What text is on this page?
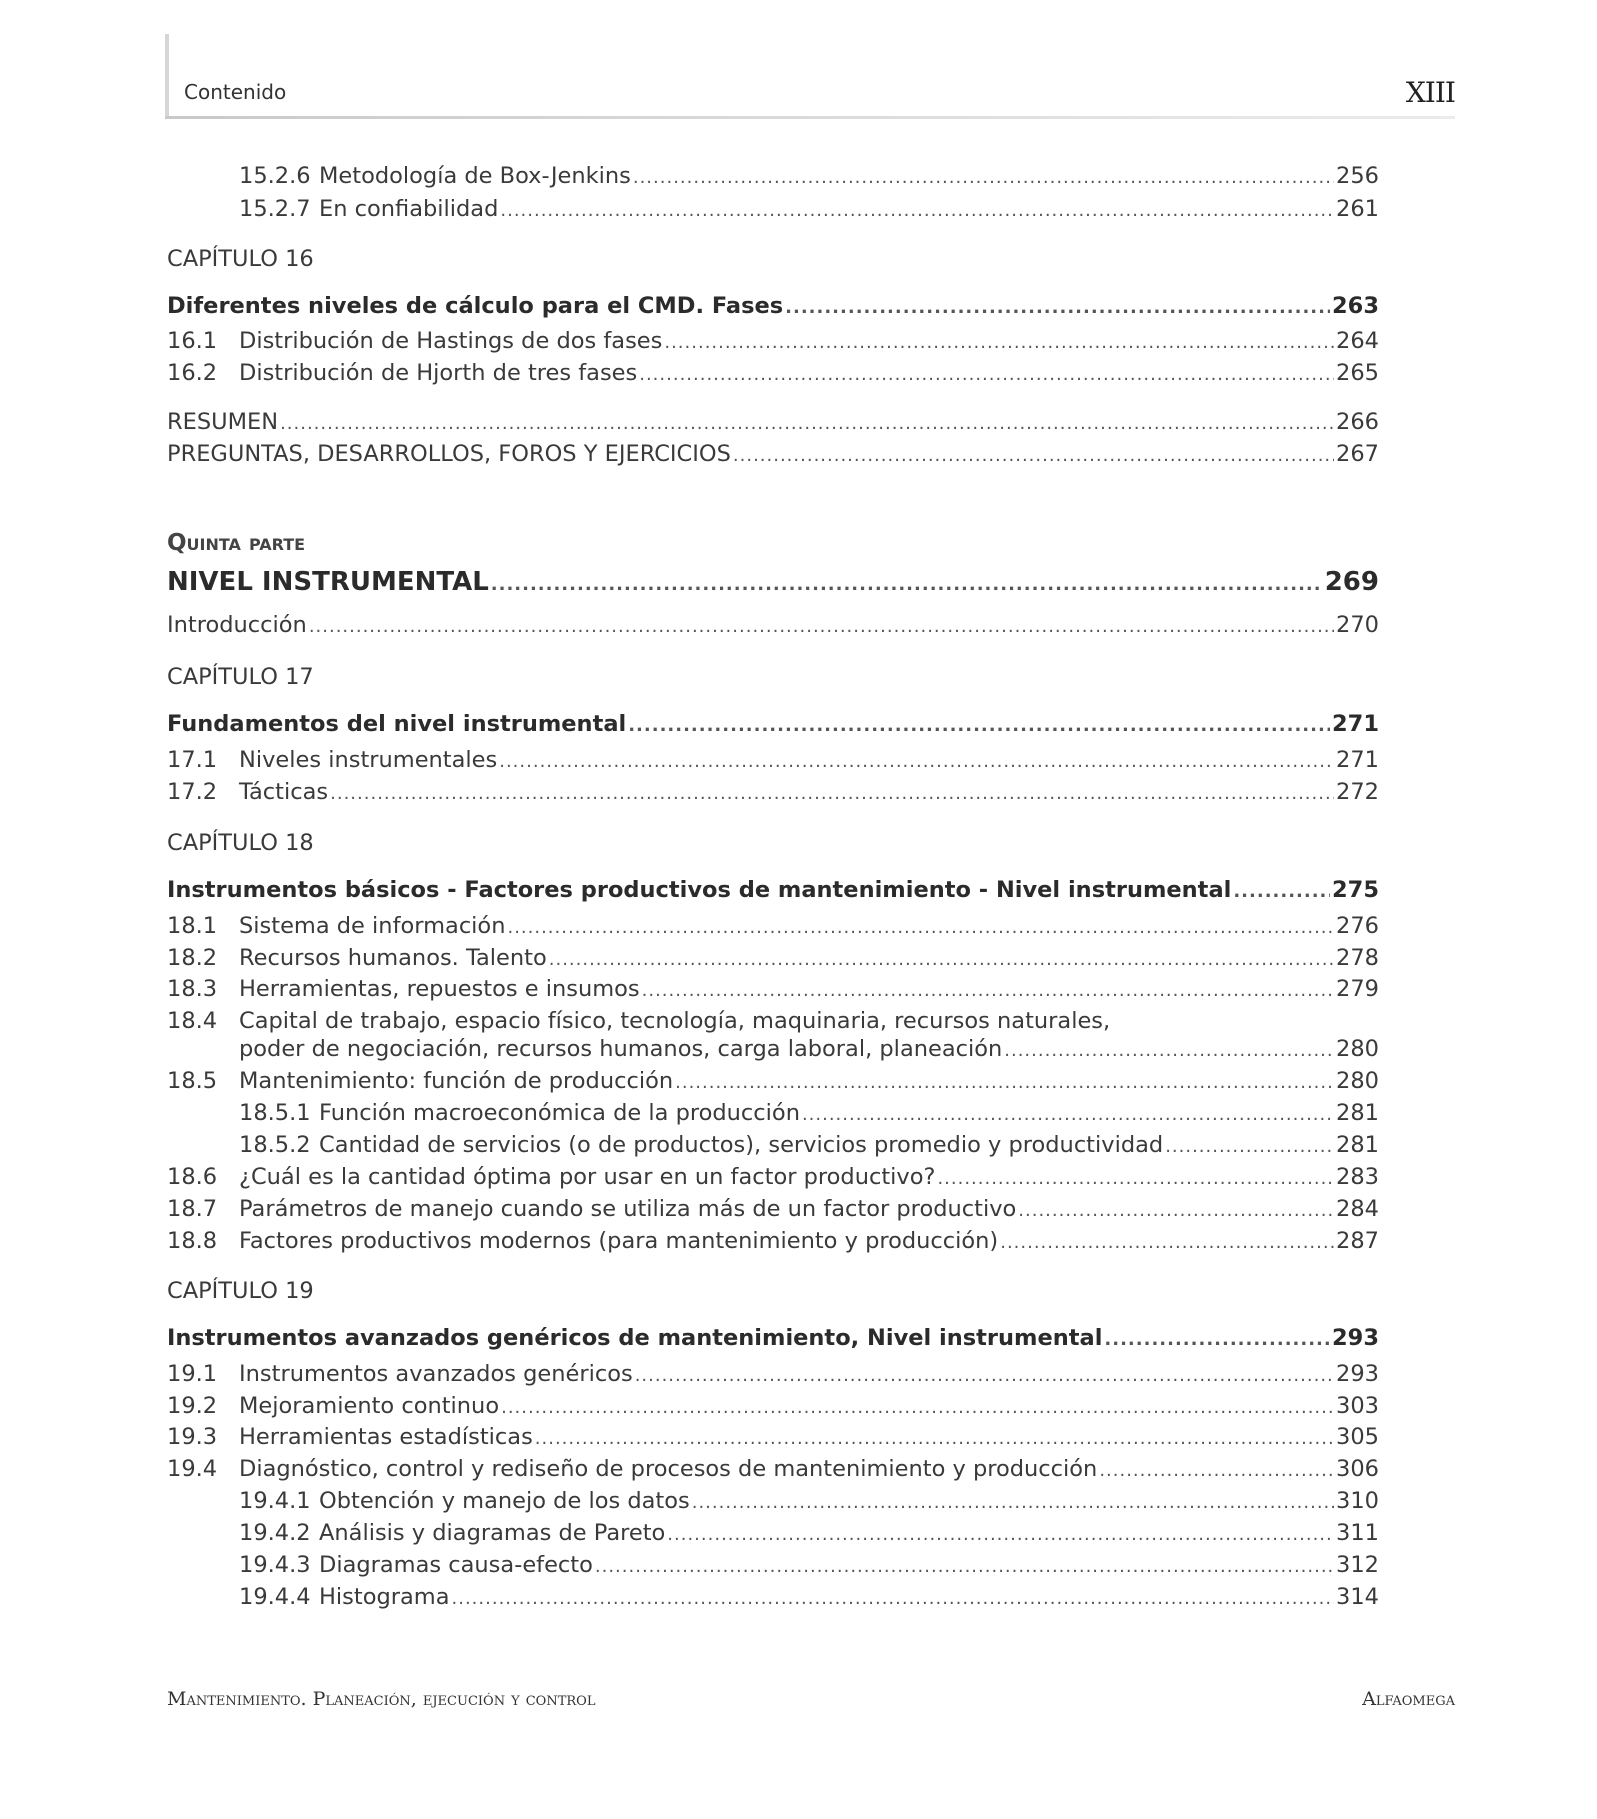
Contenido	XIII
15.2.6 Metodología de Box-Jenkins .....	256
15.2.7 En confiabilidad .....	261
CAPÍTULO 16
Diferentes niveles de cálculo para el CMD. Fases .....	263
16.1 Distribución de Hastings de dos fases .....	264
16.2 Distribución de Hjorth de tres fases .....	265
RESUMEN .....	266
PREGUNTAS, DESARROLLOS, FOROS Y EJERCICIOS .....	267
Quinta parte
NIVEL INSTRUMENTAL .....	269
Introducción .....	270
CAPÍTULO 17
Fundamentos del nivel instrumental .....	271
17.1 Niveles instrumentales .....	271
17.2 Tácticas .....	272
CAPÍTULO 18
Instrumentos básicos - Factores productivos de mantenimiento - Nivel instrumental .....	275
18.1 Sistema de información .....	276
18.2 Recursos humanos. Talento .....	278
18.3 Herramientas, repuestos e insumos .....	279
18.4 Capital de trabajo, espacio físico, tecnología, maquinaria, recursos naturales,
poder de negociación, recursos humanos, carga laboral, planeación .....	280
18.5 Mantenimiento: función de producción .....	280
18.5.1 Función macroeconómica de la producción .....	281
18.5.2 Cantidad de servicios (o de productos), servicios promedio y productividad .....	281
18.6 ¿Cuál es la cantidad óptima por usar en un factor productivo? .....	283
18.7 Parámetros de manejo cuando se utiliza más de un factor productivo .....	284
18.8 Factores productivos modernos (para mantenimiento y producción) .....	287
CAPÍTULO 19
Instrumentos avanzados genéricos de mantenimiento, Nivel instrumental .....	293
19.1 Instrumentos avanzados genéricos .....	293
19.2 Mejoramiento continuo .....	303
19.3 Herramientas estadísticas .....	305
19.4 Diagnóstico, control y rediseño de procesos de mantenimiento y producción .....	306
19.4.1 Obtención y manejo de los datos .....	310
19.4.2 Análisis y diagramas de Pareto .....	311
19.4.3 Diagramas causa-efecto .....	312
19.4.4 Histograma .....	314
Mantenimiento. Planeación, ejecución y control	Alfaomega
